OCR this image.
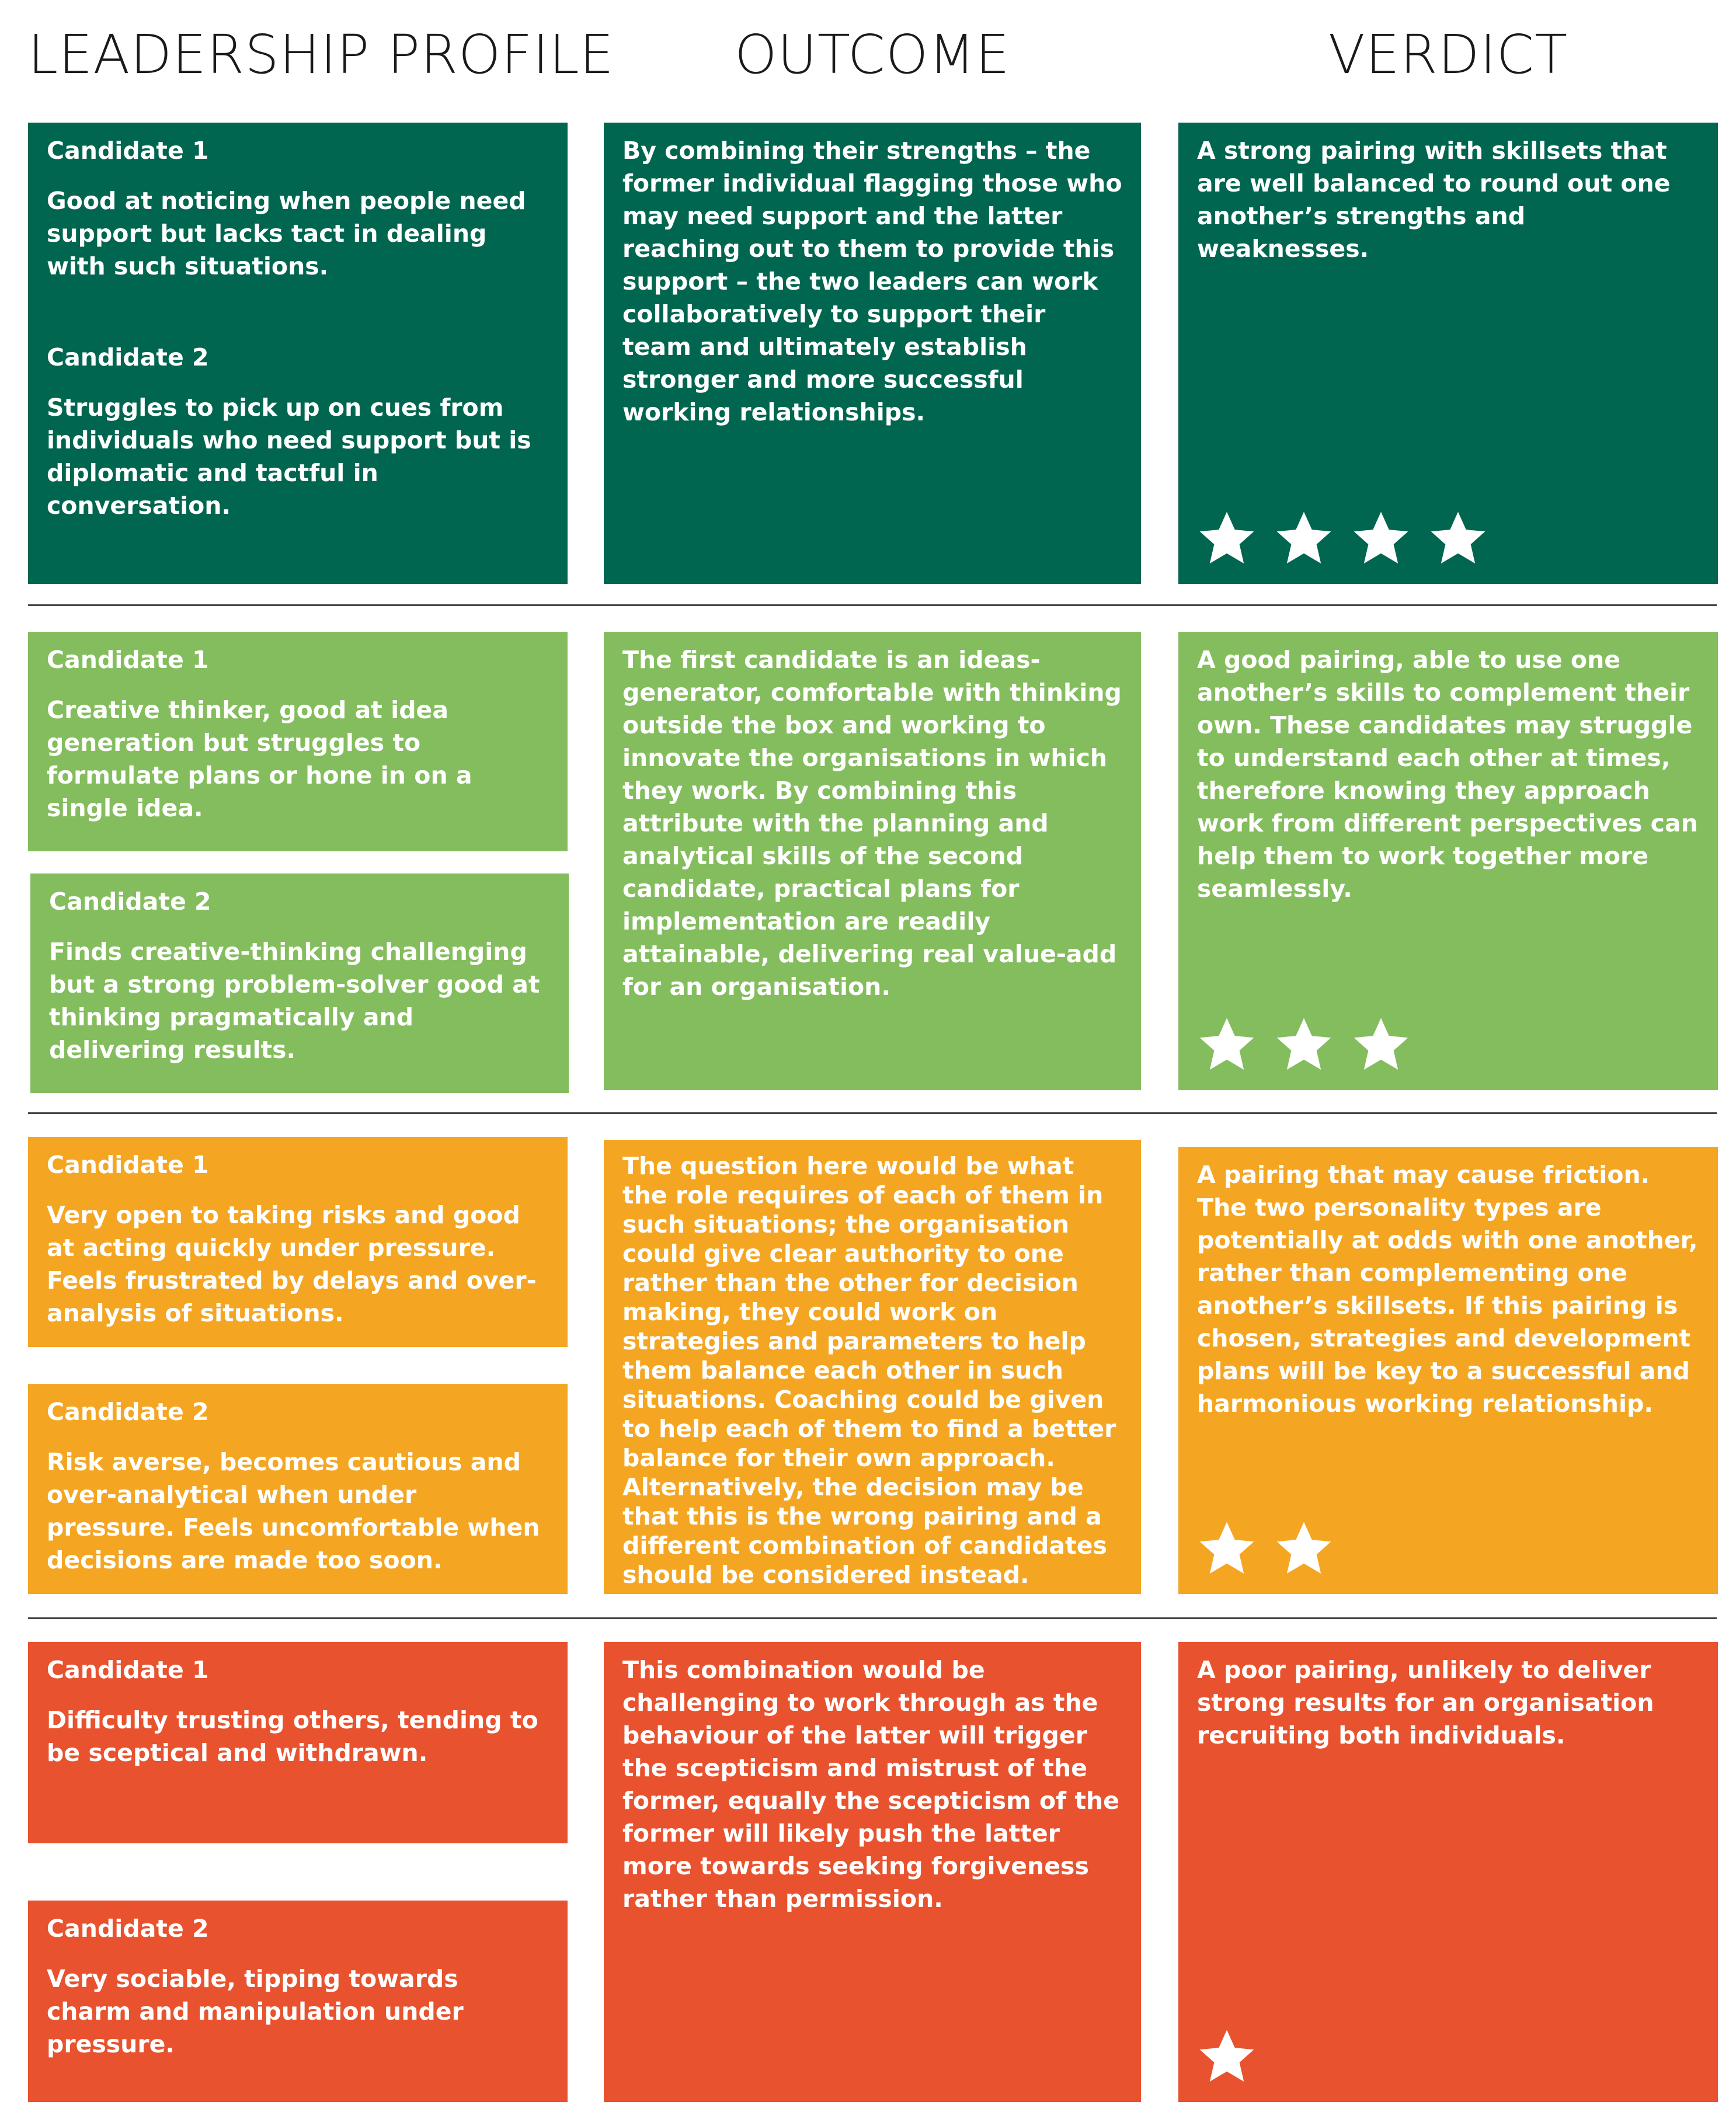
LEADERSHIP PROFILE	OUTCOME	VERDICT

Candidate 1

Good at noticing when people need support but lacks tact in dealing with such situations.

Candidate 2

Struggles to pick up on cues from individuals who need support but is diplomatic and tactful in conversation.

By combining their strengths – the former individual flagging those who may need support and the latter reaching out to them to provide this support – the two leaders can work collaboratively to support their team and ultimately establish stronger and more successful working relationships.

A strong pairing with skillsets that are well balanced to round out one another’s strengths and weaknesses.

Candidate 1

Creative thinker, good at idea generation but struggles to formulate plans or hone in on a single idea.

Candidate 2

Finds creative-thinking challenging but a strong problem-solver good at thinking pragmatically and delivering results.

The first candidate is an ideas-generator, comfortable with thinking outside the box and working to innovate the organisations in which they work. By combining this attribute with the planning and analytical skills of the second candidate, practical plans for implementation are readily attainable, delivering real value-add for an organisation.

A good pairing, able to use one another’s skills to complement their own. These candidates may struggle to understand each other at times, therefore knowing they approach work from different perspectives can help them to work together more seamlessly.

Candidate 1

Very open to taking risks and good at acting quickly under pressure. Feels frustrated by delays and over-analysis of situations.

Candidate 2

Risk averse, becomes cautious and over-analytical when under pressure. Feels uncomfortable when decisions are made too soon.

The question here would be what the role requires of each of them in such situations; the organisation could give clear authority to one rather than the other for decision making, they could work on strategies and parameters to help them balance each other in such situations. Coaching could be given to help each of them to find a better balance for their own approach. Alternatively, the decision may be that this is the wrong pairing and a different combination of candidates should be considered instead.

A pairing that may cause friction. The two personality types are potentially at odds with one another, rather than complementing one another’s skillsets. If this pairing is chosen, strategies and development plans will be key to a successful and harmonious working relationship.

Candidate 1

Difficulty trusting others, tending to be sceptical and withdrawn.

Candidate 2

Very sociable, tipping towards charm and manipulation under pressure.

This combination would be challenging to work through as the behaviour of the latter will trigger the scepticism and mistrust of the former, equally the scepticism of the former will likely push the latter more towards seeking forgiveness rather than permission.

A poor pairing, unlikely to deliver strong results for an organisation recruiting both individuals.
